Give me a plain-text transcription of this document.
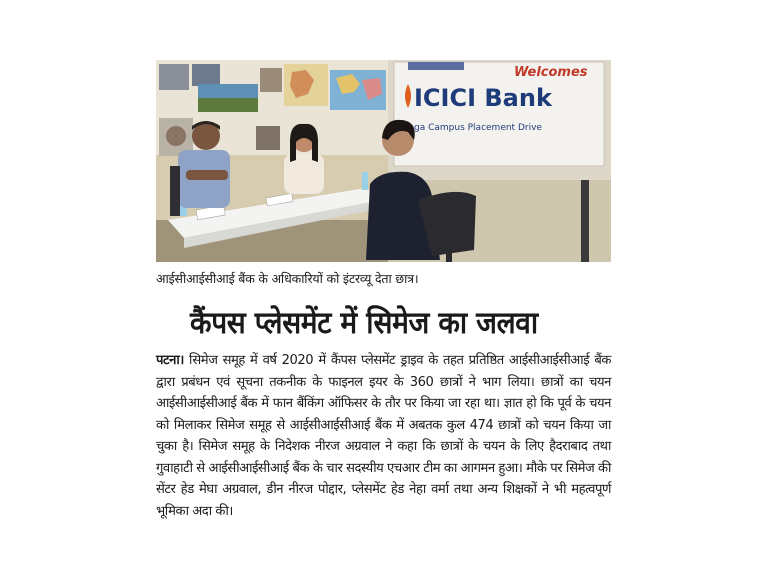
Welcomes
ICICI Bank
ga Campus Placement Drive
आईसीआईसीआई बैंक के अधिकारियों को इंटरव्यू देता छात्र।
कैंपस प्लेसमेंट में सिमेज का जलवा
पटना। सिमेज समूह में वर्ष 2020 में कैंपस प्लेसमेंट ड्राइव के तहत प्रतिष्ठित आईसीआईसीआई बैंक द्वारा प्रबंधन एवं सूचना तकनीक के फाइनल इयर के 360 छात्रों ने भाग लिया। छात्रों का चयन आईसीआईसीआई बैंक में फान बैंकिंग ऑफिसर के तौर पर किया जा रहा था। ज्ञात हो कि पूर्व के चयन को मिलाकर सिमेज समूह से आईसीआईसीआई बैंक में अबतक कुल 474 छात्रों को चयन किया जा चुका है। सिमेज समूह के निदेशक नीरज अग्रवाल ने कहा कि छात्रों के चयन के लिए हैदराबाद तथा गुवाहाटी से आईसीआईसीआई बैंक के चार सदस्यीय एचआर टीम का आगमन हुआ। मौके पर सिमेज की सेंटर हेड मेघा अग्रवाल, डीन नीरज पोद्दार, प्लेसमेंट हेड नेहा वर्मा तथा अन्य शिक्षकों ने भी महत्वपूर्ण भूमिका अदा की।
